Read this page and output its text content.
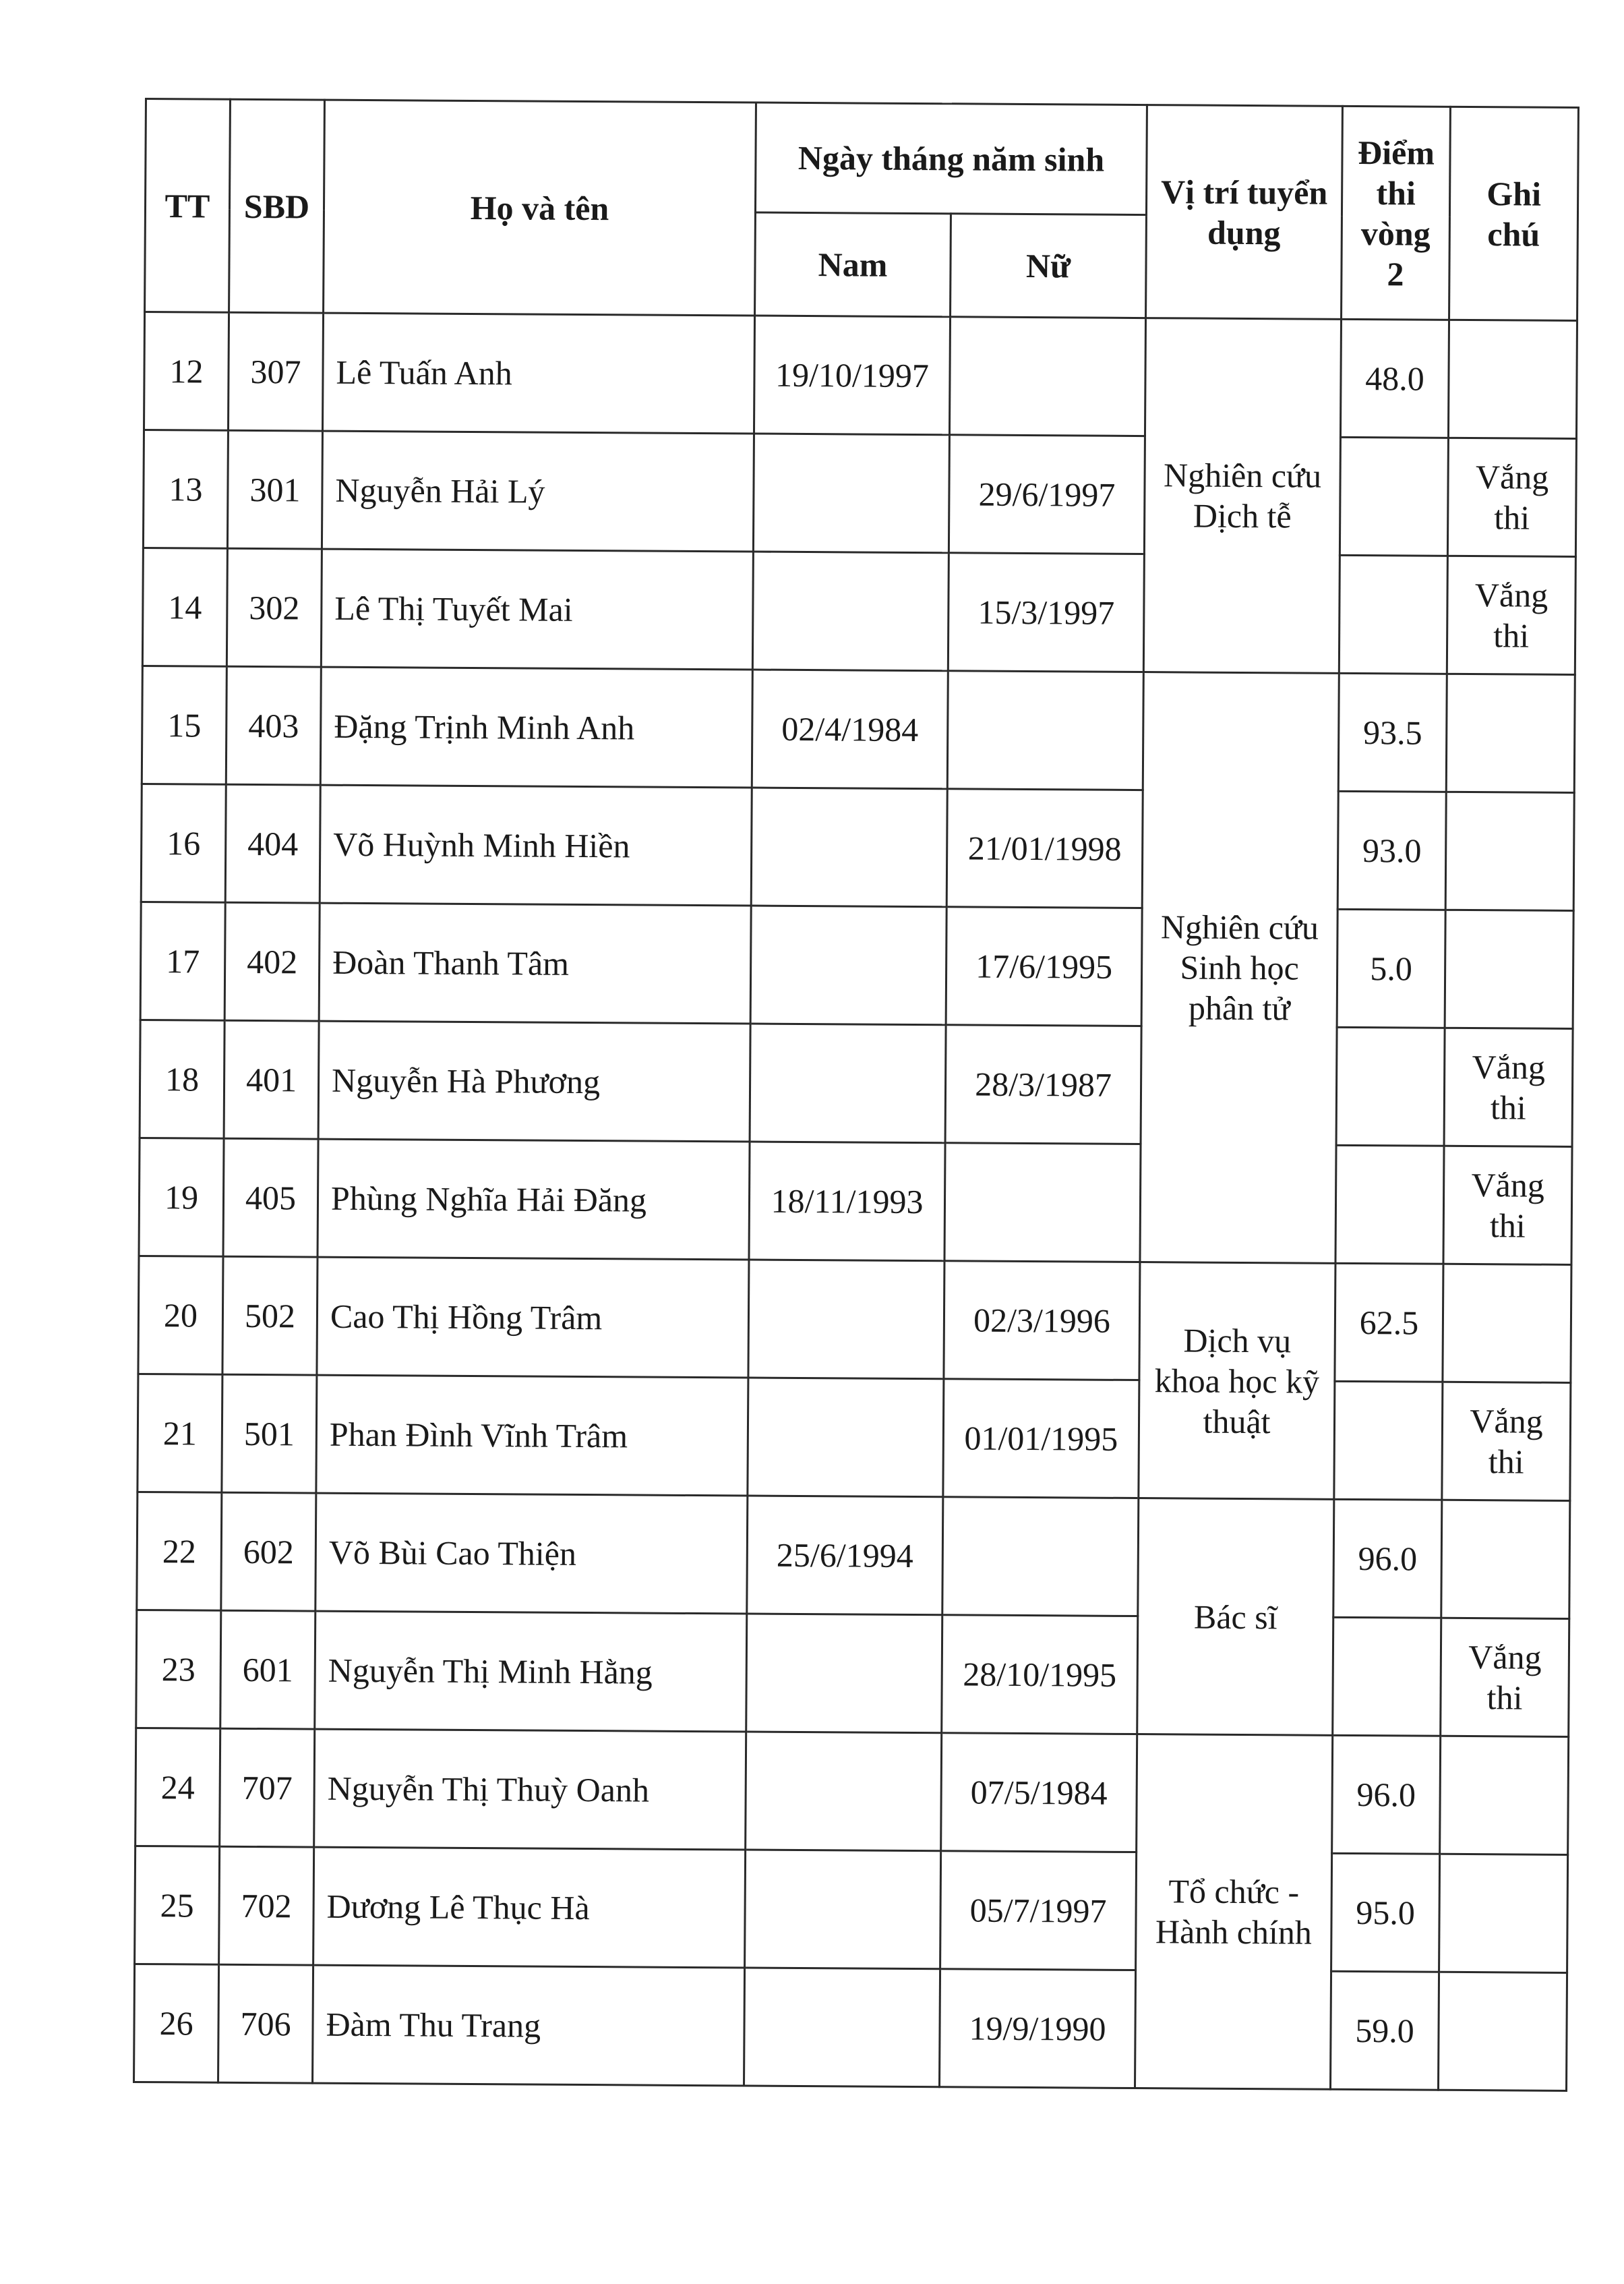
TT	SBD	Họ và tên	Ngày tháng năm sinh		Vị trí tuyển dụng	Điểm thi vòng 2	Ghi chú
			Nam	Nữ			
12	307	Lê Tuấn Anh	19/10/1997		Nghiên cứu Dịch tễ	48.0	
13	301	Nguyễn Hải Lý		29/6/1997			Vắng thi
14	302	Lê Thị Tuyết Mai		15/3/1997			Vắng thi
15	403	Đặng Trịnh Minh Anh	02/4/1984		Nghiên cứu Sinh học phân tử	93.5	
16	404	Võ Huỳnh Minh Hiền		21/01/1998		93.0	
17	402	Đoàn Thanh Tâm		17/6/1995		5.0	
18	401	Nguyễn Hà Phương		28/3/1987			Vắng thi
19	405	Phùng Nghĩa Hải Đăng	18/11/1993				Vắng thi
20	502	Cao Thị Hồng Trâm		02/3/1996	Dịch vụ khoa học kỹ thuật	62.5	
21	501	Phan Đình Vĩnh Trâm		01/01/1995			Vắng thi
22	602	Võ Bùi Cao Thiện	25/6/1994		Bác sĩ	96.0	
23	601	Nguyễn Thị Minh Hằng		28/10/1995			Vắng thi
24	707	Nguyễn Thị Thuỳ Oanh		07/5/1984	Tổ chức - Hành chính	96.0	
25	702	Dương Lê Thục Hà		05/7/1997		95.0	
26	706	Đàm Thu Trang		19/9/1990		59.0	
